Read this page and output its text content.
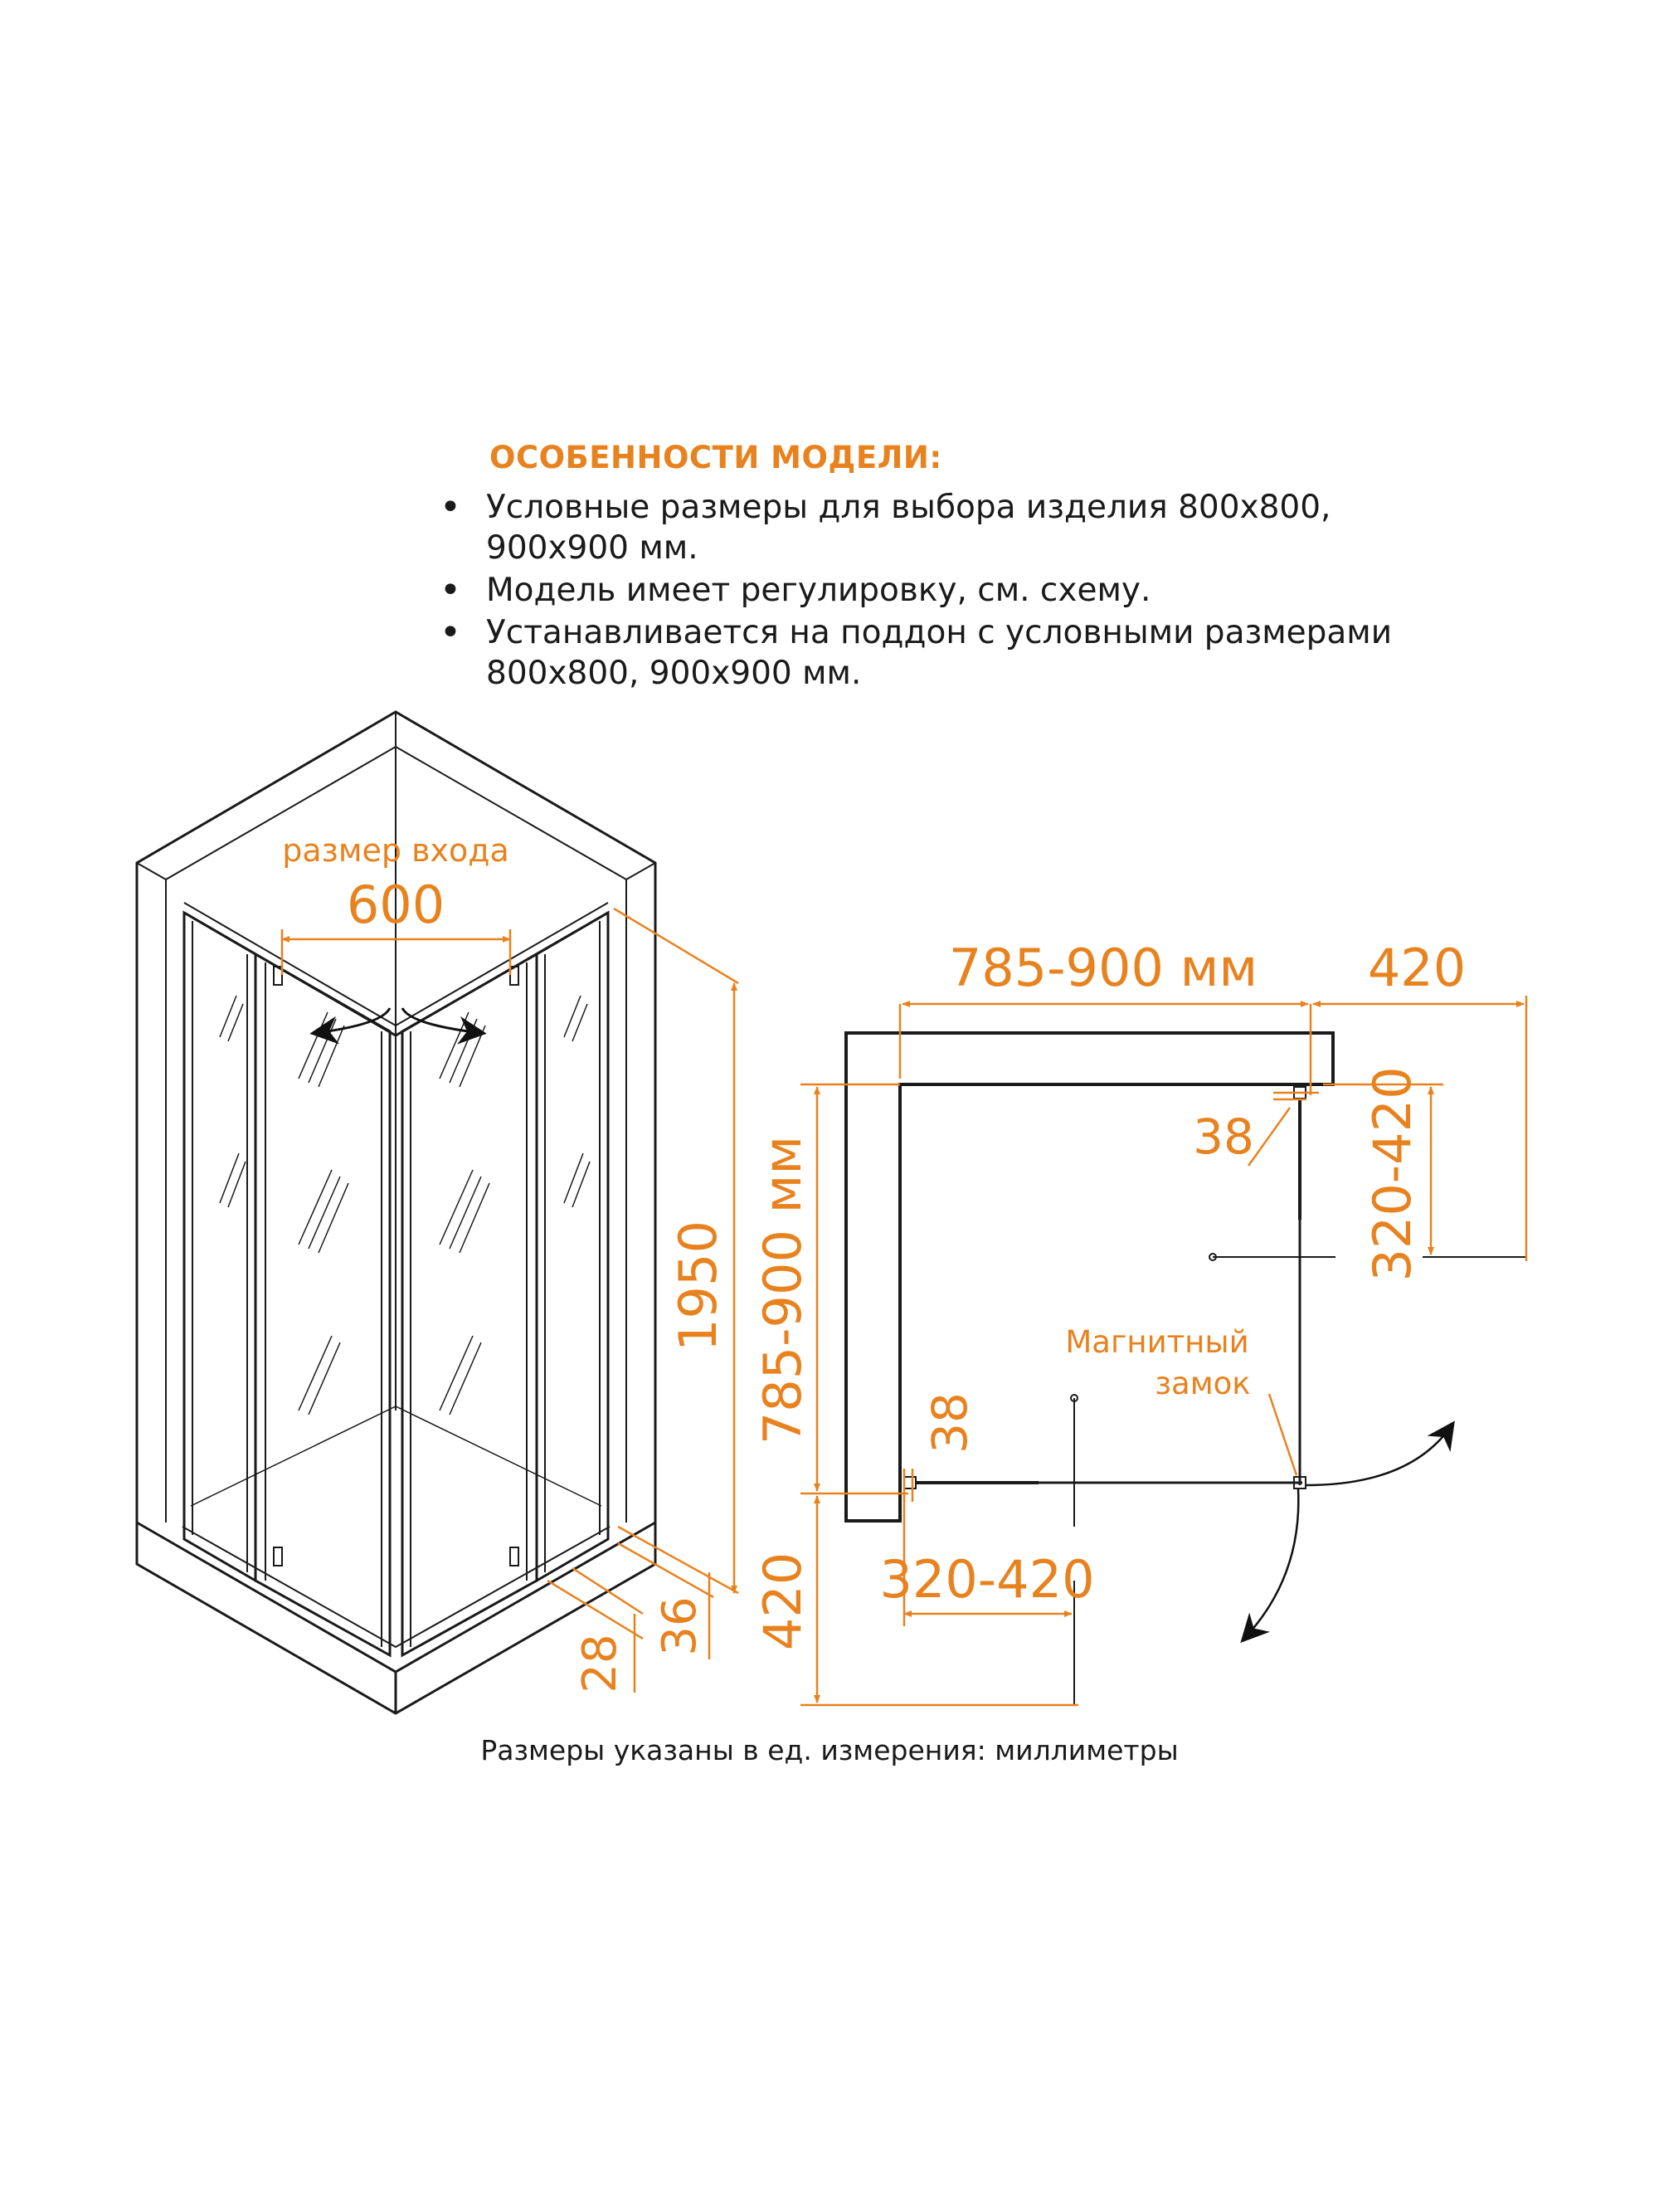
ОСОБЕННОСТИ МОДЕЛИ:
• Условные размеры для выбора изделия 800х800, 900х900 мм.
• Модель имеет регулировку, см. схему.
• Устанавливается на поддон с условными размерами 800х800, 900х900 мм.
размер входа
600
1950
28
36
785-900 мм 420
785-900 мм
420
38
38
320-420
320-420
Магнитный
замок
Размеры указаны в ед. измерения: миллиметры
